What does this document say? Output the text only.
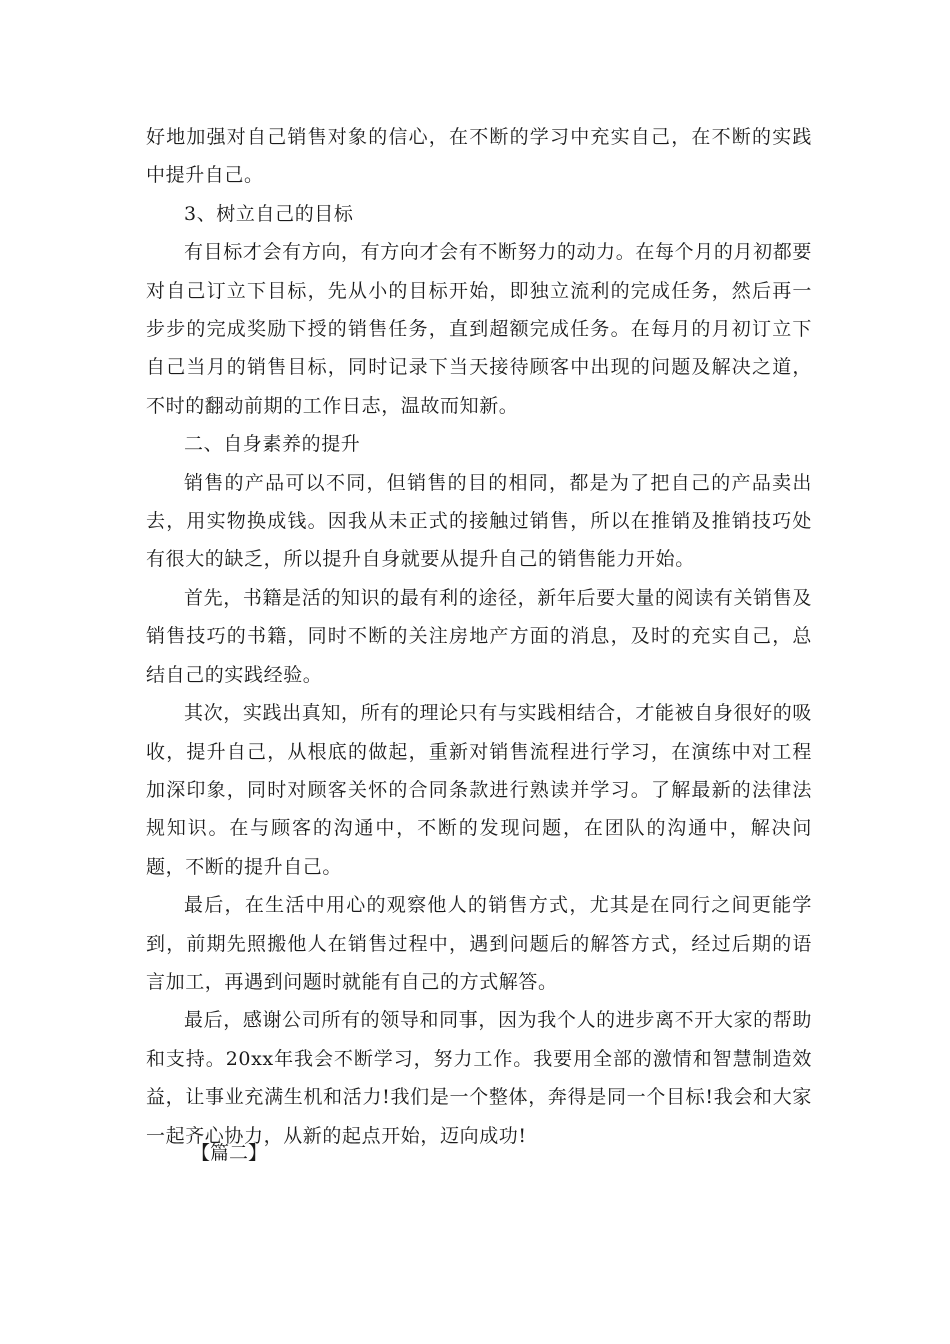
好地加强对自己销售对象的信心，在不断的学习中充实自己，在不断的实践中提升自己。

3、树立自己的目标

有目标才会有方向，有方向才会有不断努力的动力。在每个月的月初都要对自己订立下目标，先从小的目标开始，即独立流利的完成任务，然后再一步步的完成奖励下授的销售任务，直到超额完成任务。在每月的月初订立下自己当月的销售目标，同时记录下当天接待顾客中出现的问题及解决之道，不时的翻动前期的工作日志，温故而知新。

二、自身素养的提升

销售的产品可以不同，但销售的目的相同，都是为了把自己的产品卖出去，用实物换成钱。因我从未正式的接触过销售，所以在推销及推销技巧处有很大的缺乏，所以提升自身就要从提升自己的销售能力开始。

首先，书籍是活的知识的最有利的途径，新年后要大量的阅读有关销售及销售技巧的书籍，同时不断的关注房地产方面的消息，及时的充实自己，总结自己的实践经验。

其次，实践出真知，所有的理论只有与实践相结合，才能被自身很好的吸收，提升自己，从根底的做起，重新对销售流程进行学习，在演练中对工程加深印象，同时对顾客关怀的合同条款进行熟读并学习。了解最新的法律法规知识。在与顾客的沟通中，不断的发现问题，在团队的沟通中，解决问题，不断的提升自己。

最后，在生活中用心的观察他人的销售方式，尤其是在同行之间更能学到，前期先照搬他人在销售过程中，遇到问题后的解答方式，经过后期的语言加工，再遇到问题时就能有自己的方式解答。

最后，感谢公司所有的领导和同事，因为我个人的进步离不开大家的帮助和支持。20xx年我会不断学习，努力工作。我要用全部的激情和智慧制造效益，让事业充满生机和活力!我们是一个整体，奔得是同一个目标!我会和大家一起齐心协力，从新的起点开始，迈向成功!

【篇二】
